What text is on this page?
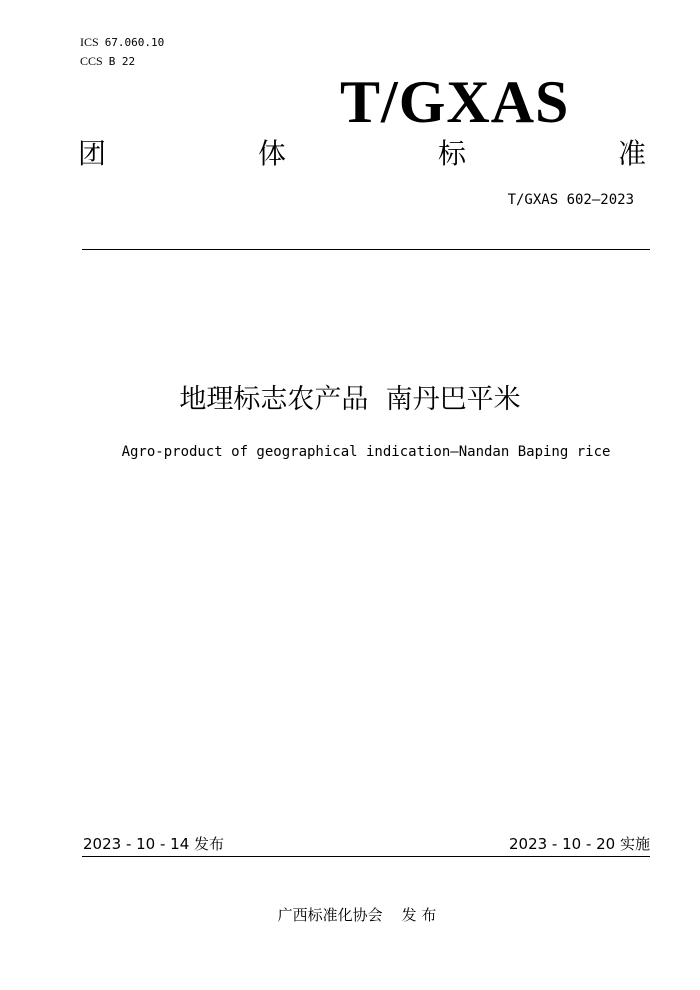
ICS 67.060.10
CCS B 22
T/GXAS
团	体	标	准
T/GXAS 602—2023
地理标志农产品  南丹巴平米
Agro-product of geographical indication—Nandan Baping rice
2023 - 10 - 14 发布	2023 - 10 - 20 实施
广西标准化协会    发 布
